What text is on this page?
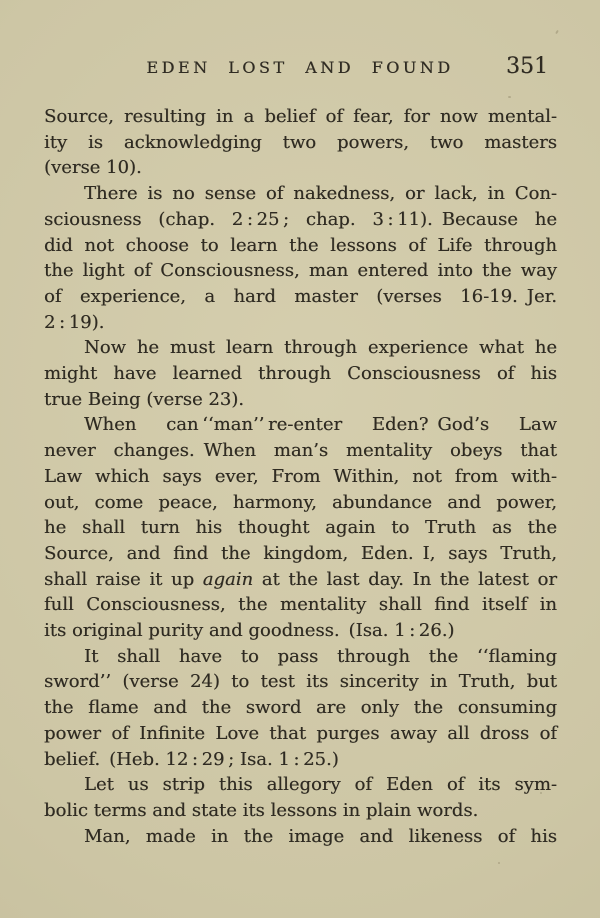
EDEN LOST AND FOUND	351
Source, resulting in a belief of fear, for now mental-
ity is acknowledging two powers, two masters
(verse 10).
There is no sense of nakedness, or lack, in Con-
sciousness (chap. 2 : 25 ; chap. 3 : 11). Because he
did not choose to learn the lessons of Life through
the light of Consciousness, man entered into the way
of experience, a hard master (verses 16-19. Jer.
2 : 19).
Now he must learn through experience what he
might have learned through Consciousness of his
true Being (verse 23).
When can ‘‘man’’ re-enter Eden? God’s Law
never changes. When man’s mentality obeys that
Law which says ever, From Within, not from with-
out, come peace, harmony, abundance and power,
he shall turn his thought again to Truth as the
Source, and find the kingdom, Eden. I, says Truth,
shall raise it up again at the last day. In the latest or
full Consciousness, the mentality shall find itself in
its original purity and goodness. (Isa. 1 : 26.)
It shall have to pass through the ‘‘flaming
sword’’ (verse 24) to test its sincerity in Truth, but
the flame and the sword are only the consuming
power of Infinite Love that purges away all dross of
belief. (Heb. 12 : 29 ; Isa. 1 : 25.)
Let us strip this allegory of Eden of its sym-
bolic terms and state its lessons in plain words.
Man, made in the image and likeness of his
